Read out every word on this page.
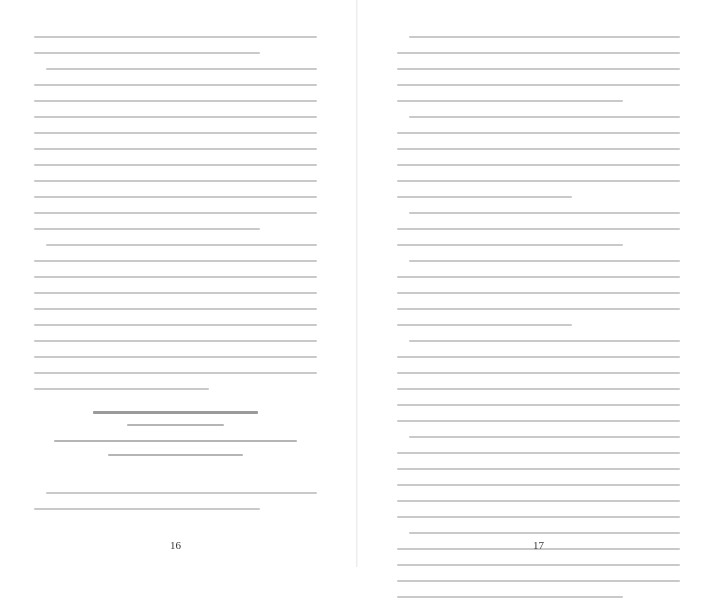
16	17
